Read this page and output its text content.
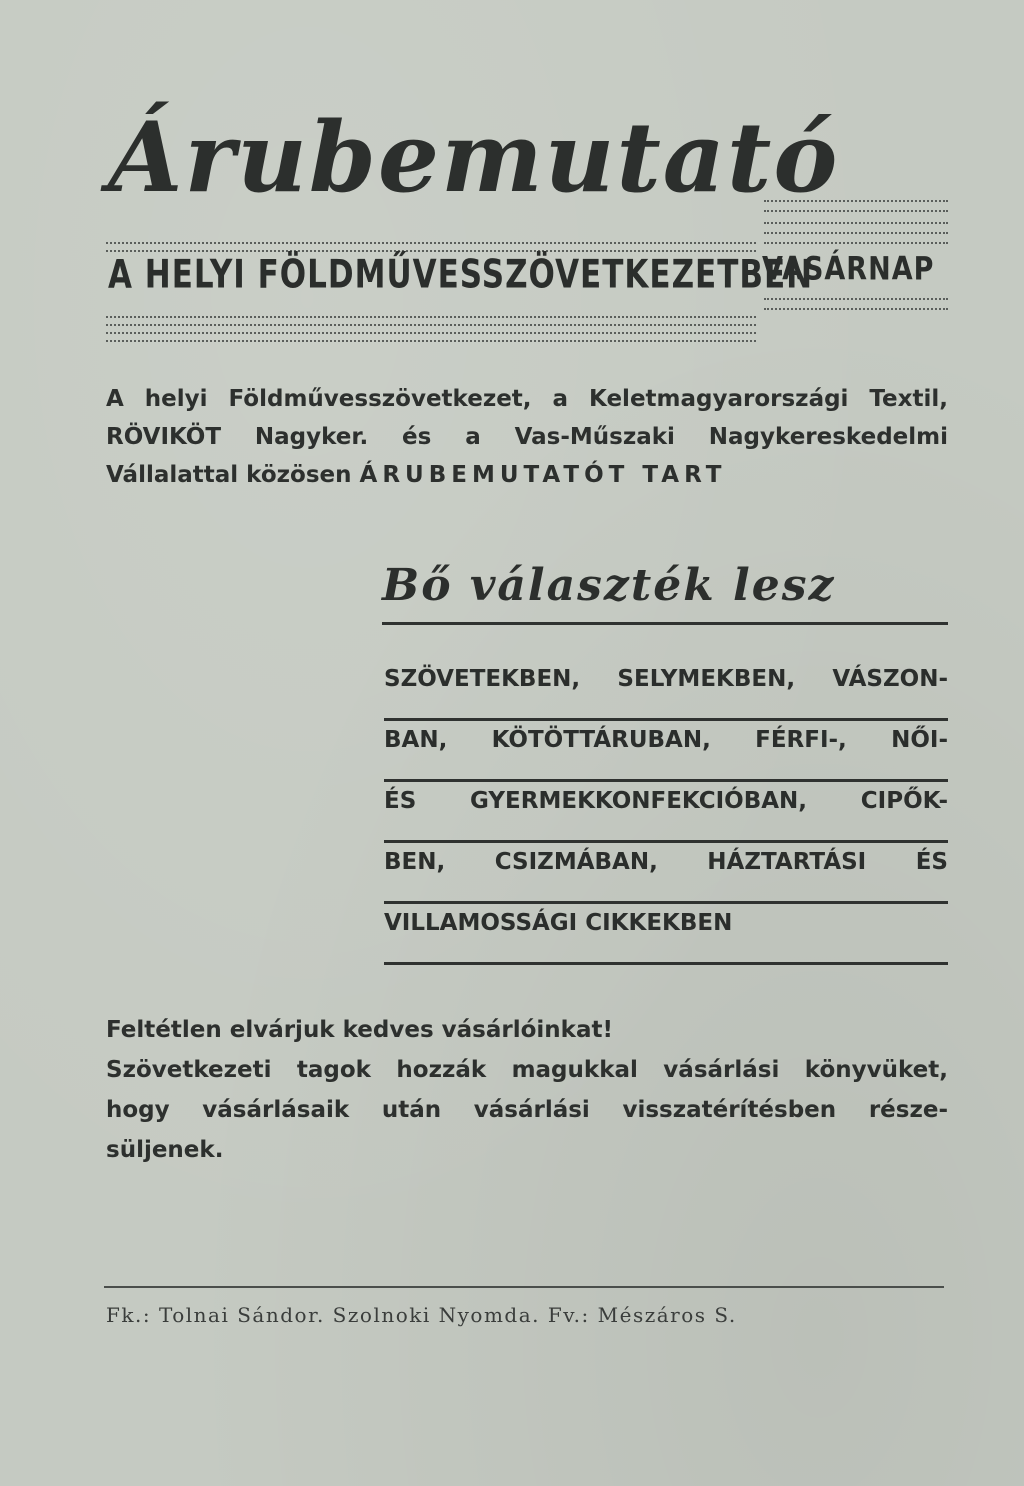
Árubemutató
A HELYI FÖLDMŰVESSZÖVETKEZETBEN
VASÁRNAP

A helyi Földművesszövetkezet, a Keletmagyarországi Textil,

RÖVIKÖT Nagyker. és a Vas-Műszaki Nagykereskedelmi

Vállalattal közösen ÁRUBEMUTATÓT TART

Bő választék lesz
SZÖVETEKBEN, SELYMEKBEN, VÁSZON-
BAN, KÖTÖTTÁRUBAN, FÉRFI-, NŐI-
ÉS GYERMEKKONFEKCIÓBAN, CIPŐK-
BEN, CSIZMÁBAN, HÁZTARTÁSI ÉS
VILLAMOSSÁGI CIKKEKBEN

Feltétlen elvárjuk kedves vásárlóinkat!

Szövetkezeti tagok hozzák magukkal vásárlási könyvüket,

hogy vásárlásaik után vásárlási visszatérítésben része-

süljenek.

Fk.: Tolnai Sándor. Szolnoki Nyomda. Fv.: Mészáros S.
